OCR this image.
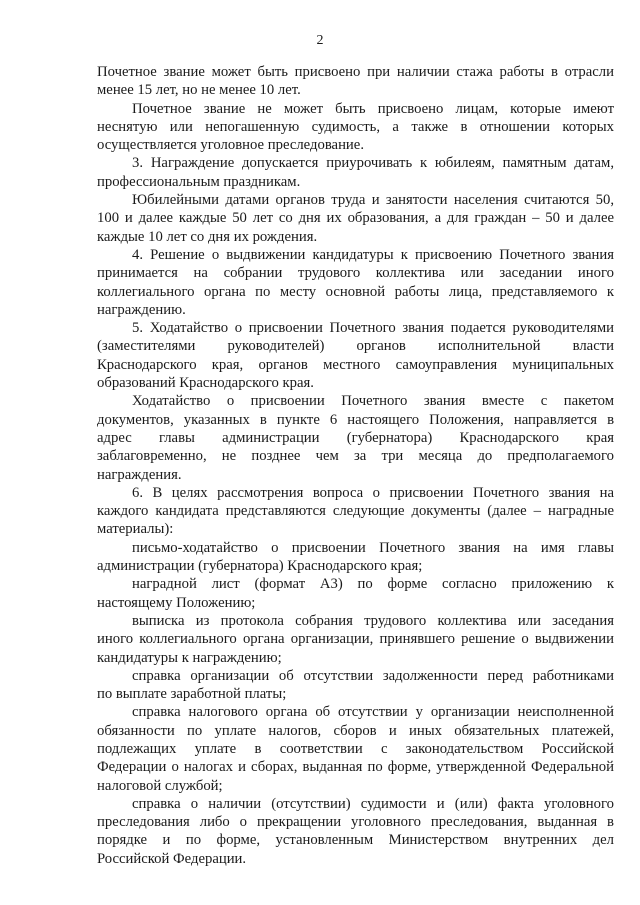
2
Почетное звание может быть присвоено при наличии стажа работы в отрасли
менее 15 лет, но не менее 10 лет.
Почетное звание не может быть присвоено лицам, которые имеют
неснятую или непогашенную судимость, а также в отношении которых
осуществляется уголовное преследование.
3. Награждение допускается приурочивать к юбилеям, памятным датам,
профессиональным праздникам.
Юбилейными датами органов труда и занятости населения считаются 50,
100 и далее каждые 50 лет со дня их образования, а для граждан – 50 и далее
каждые 10 лет со дня их рождения.
4. Решение о выдвижении кандидатуры к присвоению Почетного звания
принимается на собрании трудового коллектива или заседании иного
коллегиального органа по месту основной работы лица, представляемого к
награждению.
5. Ходатайство о присвоении Почетного звания подается руководителями
(заместителями руководителей) органов исполнительной власти
Краснодарского края, органов местного самоуправления муниципальных
образований Краснодарского края.
Ходатайство о присвоении Почетного звания вместе с пакетом
документов, указанных в пункте 6 настоящего Положения, направляется в
адрес главы администрации (губернатора) Краснодарского края
заблаговременно, не позднее чем за три месяца до предполагаемого
награждения.
6. В целях рассмотрения вопроса о присвоении Почетного звания на
каждого кандидата представляются следующие документы (далее – наградные
материалы):
письмо-ходатайство о присвоении Почетного звания на имя главы
администрации (губернатора) Краснодарского края;
наградной лист (формат А3) по форме согласно приложению к
настоящему Положению;
выписка из протокола собрания трудового коллектива или заседания
иного коллегиального органа организации, принявшего решение о выдвижении
кандидатуры к награждению;
справка организации об отсутствии задолженности перед работниками
по выплате заработной платы;
справка налогового органа об отсутствии у организации неисполненной
обязанности по уплате налогов, сборов и иных обязательных платежей,
подлежащих уплате в соответствии с законодательством Российской
Федерации о налогах и сборах, выданная по форме, утвержденной Федеральной
налоговой службой;
справка о наличии (отсутствии) судимости и (или) факта уголовного
преследования либо о прекращении уголовного преследования, выданная в
порядке и по форме, установленным Министерством внутренних дел
Российской Федерации.
